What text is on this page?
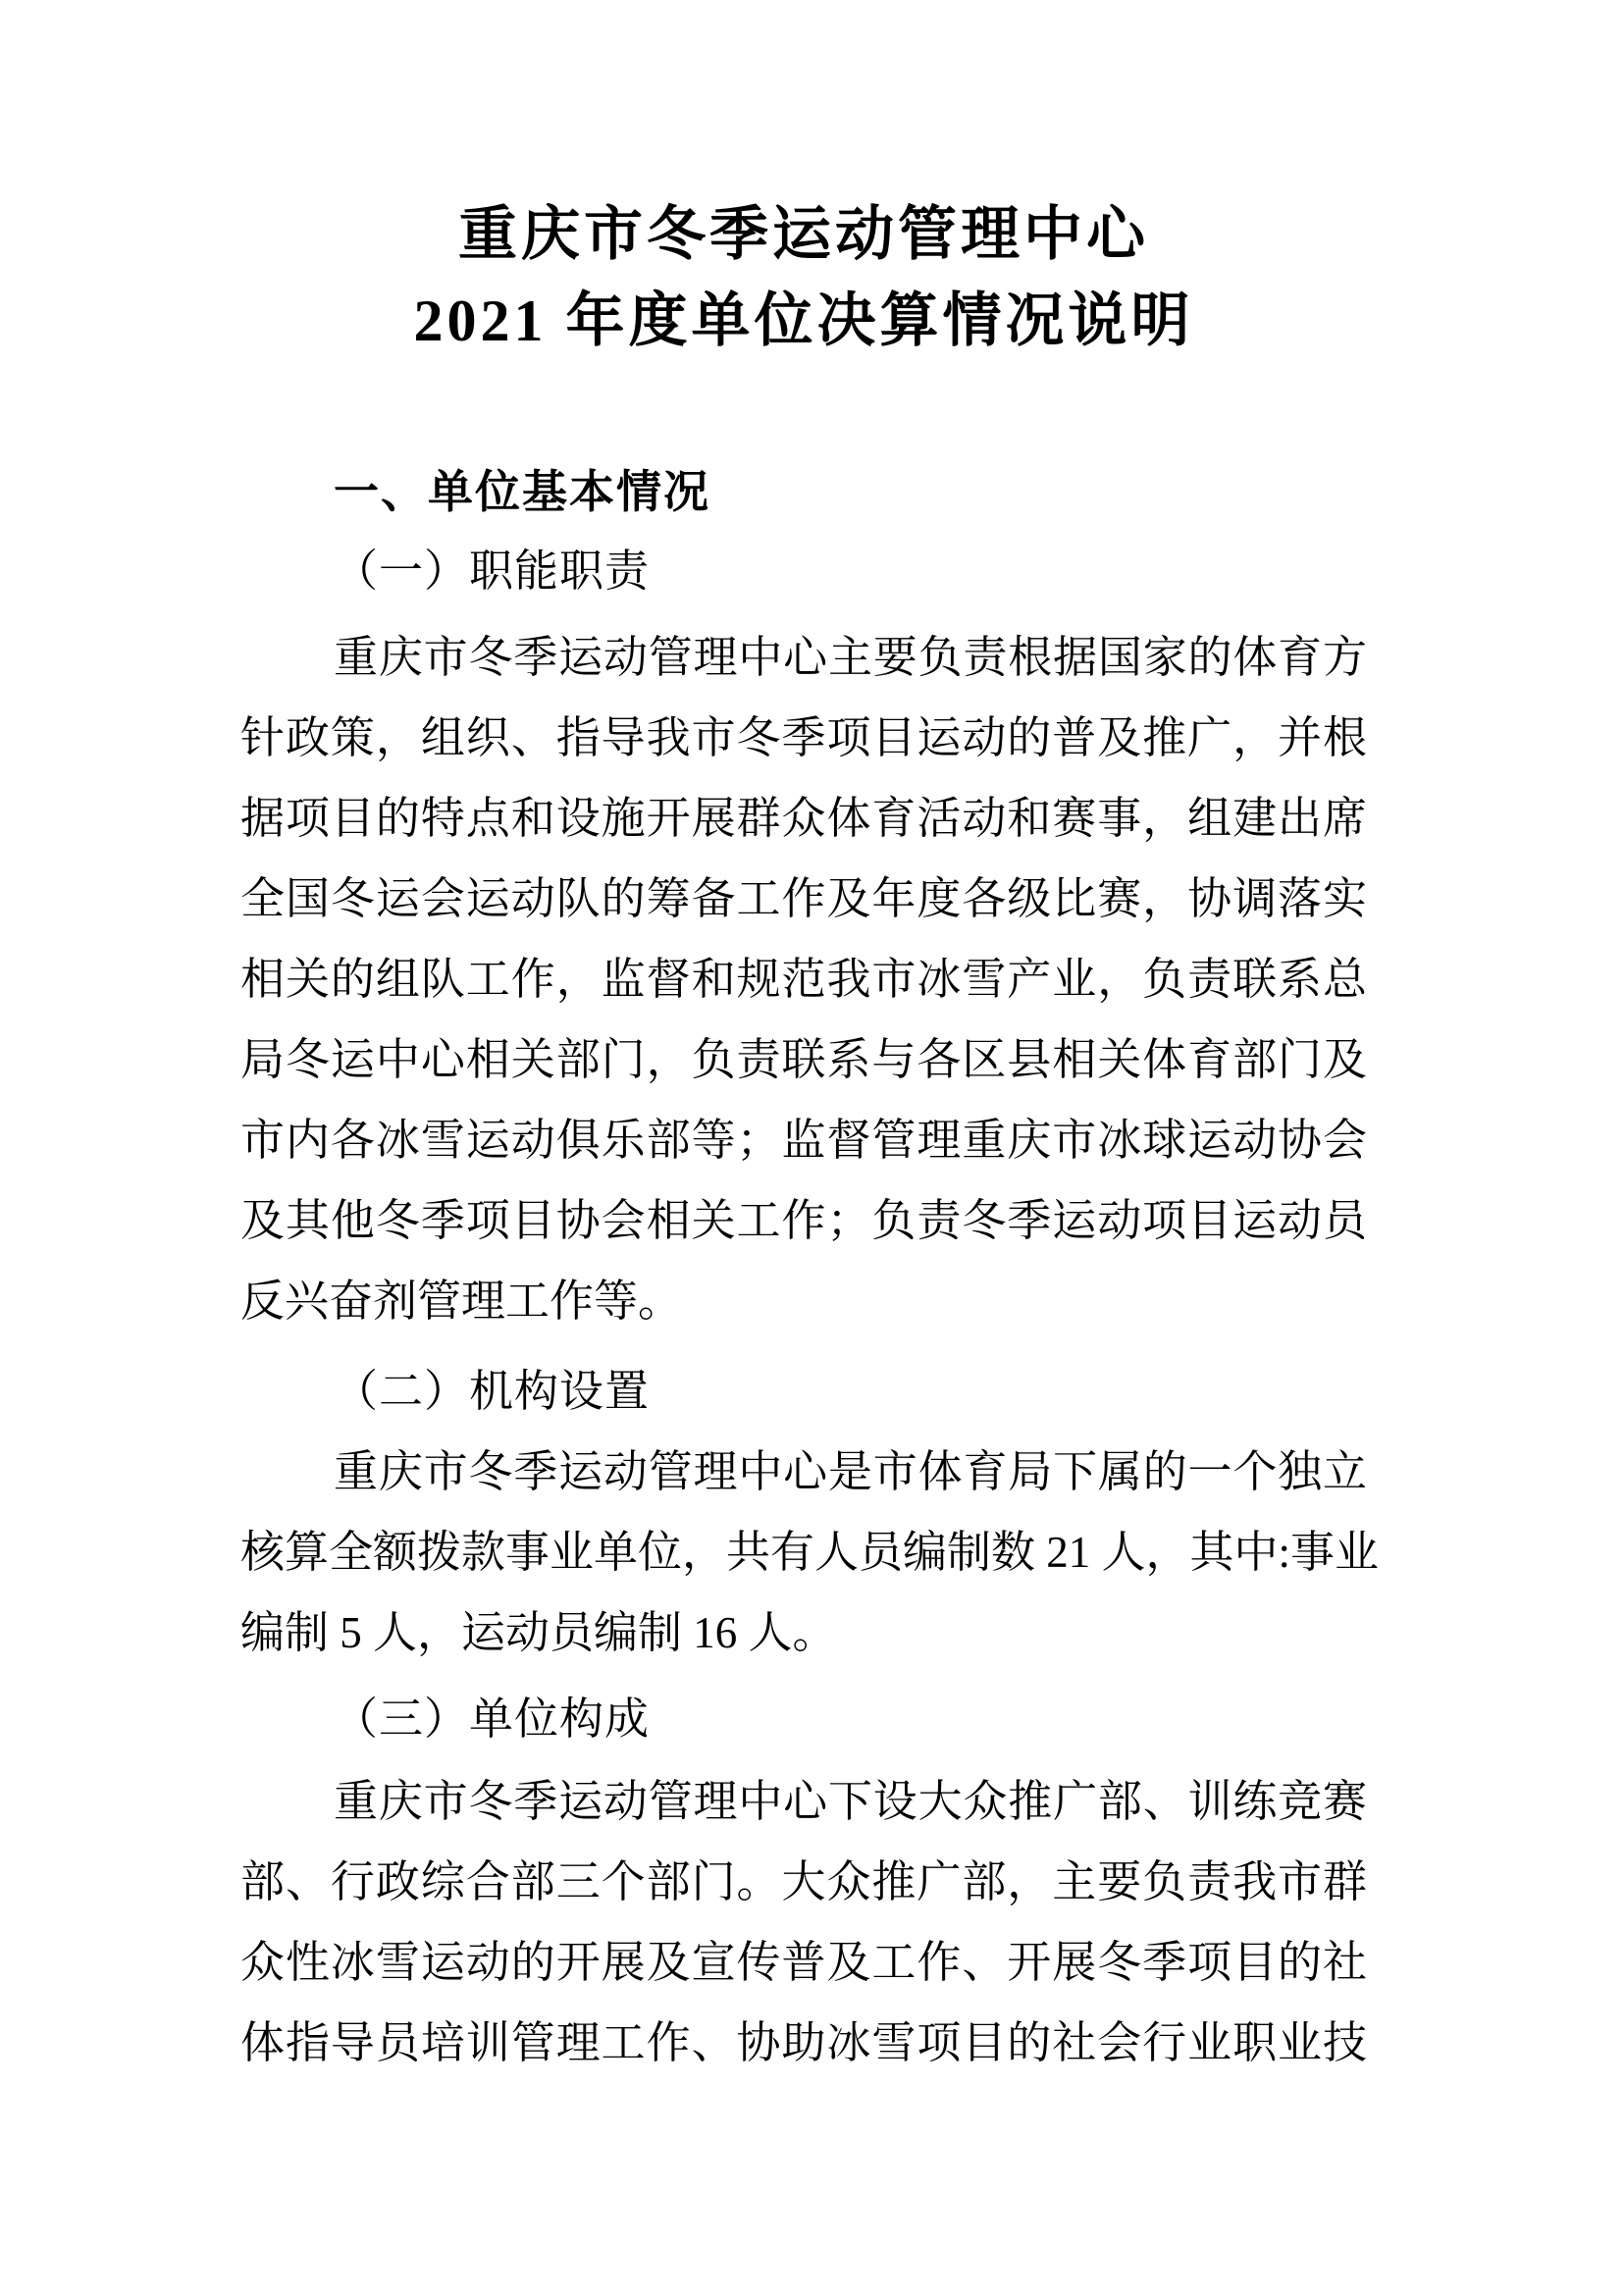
重庆市冬季运动管理中心
2021 年度单位决算情况说明
一、单位基本情况
（一）职能职责
重庆市冬季运动管理中心主要负责根据国家的体育方
针政策，组织、指导我市冬季项目运动的普及推广，并根
据项目的特点和设施开展群众体育活动和赛事，组建出席
全国冬运会运动队的筹备工作及年度各级比赛，协调落实
相关的组队工作，监督和规范我市冰雪产业，负责联系总
局冬运中心相关部门，负责联系与各区县相关体育部门及
市内各冰雪运动俱乐部等；监督管理重庆市冰球运动协会
及其他冬季项目协会相关工作；负责冬季运动项目运动员
反兴奋剂管理工作等。
（二）机构设置
重庆市冬季运动管理中心是市体育局下属的一个独立
核算全额拨款事业单位，共有人员编制数 21 人，其中:事业
编制 5 人，运动员编制 16 人。
（三）单位构成
重庆市冬季运动管理中心下设大众推广部、训练竞赛
部、行政综合部三个部门。大众推广部，主要负责我市群
众性冰雪运动的开展及宣传普及工作、开展冬季项目的社
体指导员培训管理工作、协助冰雪项目的社会行业职业技
